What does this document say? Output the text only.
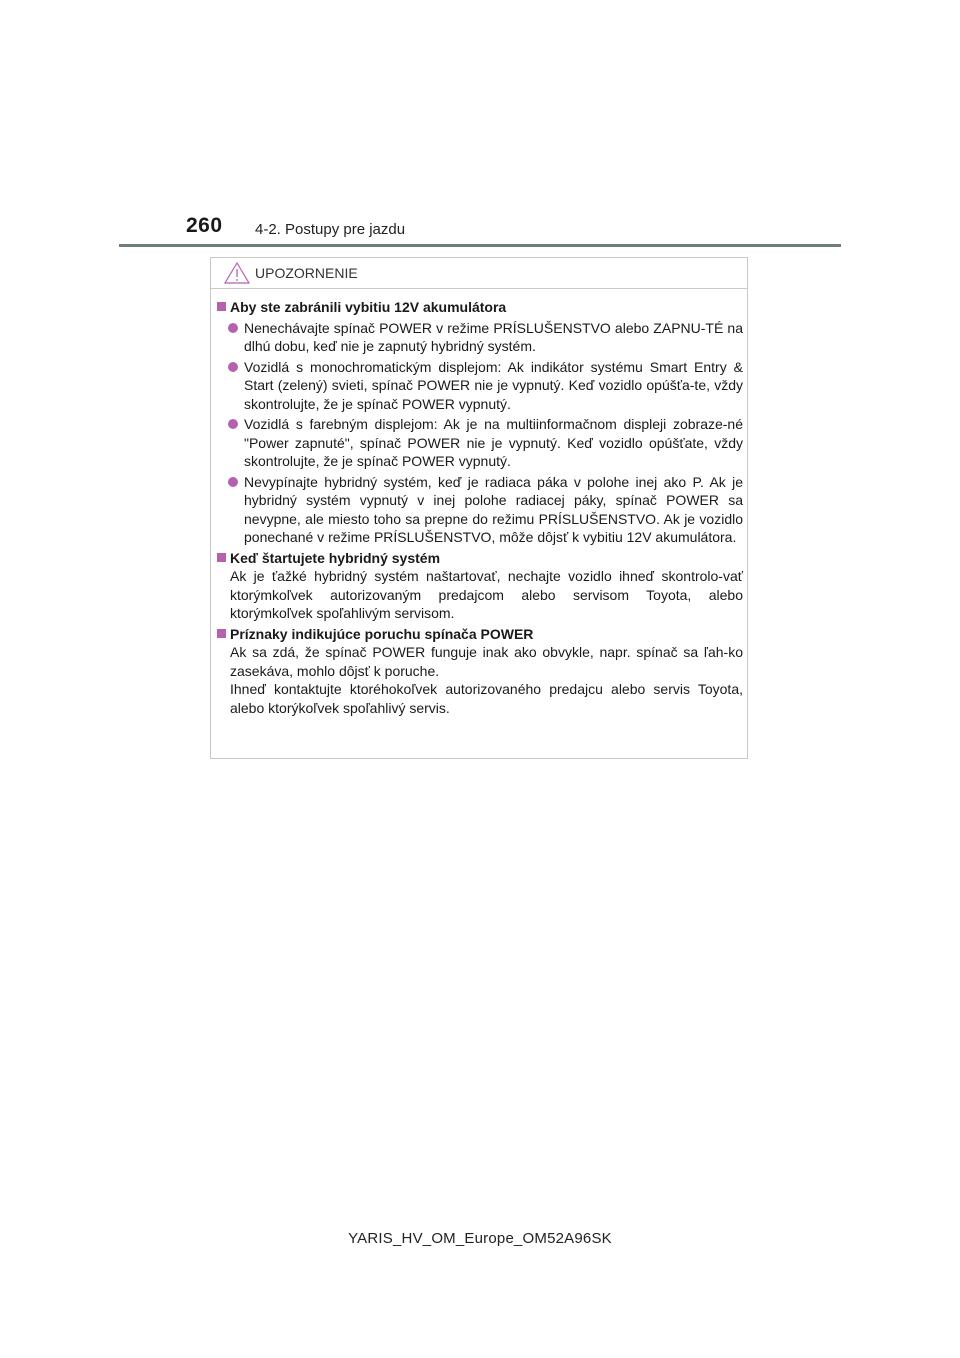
260 4-2. Postupy pre jazdu
UPOZORNENIE
Aby ste zabránili vybitiu 12V akumulátora
Nenechávajte spínač POWER v režime PRÍSLUŠENSTVO alebo ZAPNU-TÉ na dlhú dobu, keď nie je zapnutý hybridný systém.
Vozidlá s monochromatickým displejom: Ak indikátor systému Smart Entry & Start (zelený) svieti, spínač POWER nie je vypnutý. Keď vozidlo opúšťa-te, vždy skontrolujte, že je spínač POWER vypnutý.
Vozidlá s farebným displejom: Ak je na multiinformačnom displeji zobraze-né "Power zapnuté", spínač POWER nie je vypnutý. Keď vozidlo opúšťate, vždy skontrolujte, že je spínač POWER vypnutý.
Nevypínajte hybridný systém, keď je radiaca páka v polohe inej ako P. Ak je hybridný systém vypnutý v inej polohe radiacej páky, spínač POWER sa nevypne, ale miesto toho sa prepne do režimu PRÍSLUŠENSTVO. Ak je vozidlo ponechané v režime PRÍSLUŠENSTVO, môže dôjsť k vybitiu 12V akumulátora.
Keď štartujete hybridný systém
Ak je ťažké hybridný systém naštartovať, nechajte vozidlo ihneď skontrolo-vať ktorýmkoľvek autorizovaným predajcom alebo servisom Toyota, alebo ktorýmkoľvek spoľahlivým servisom.
Príznaky indikujúce poruchu spínača POWER
Ak sa zdá, že spínač POWER funguje inak ako obvykle, napr. spínač sa ľah-ko zasekáva, mohlo dôjsť k poruche.
Ihneď kontaktujte ktoréhokoľvek autorizovaného predajcu alebo servis Toyota, alebo ktorýkoľvek spoľahlivý servis.
YARIS_HV_OM_Europe_OM52A96SK
